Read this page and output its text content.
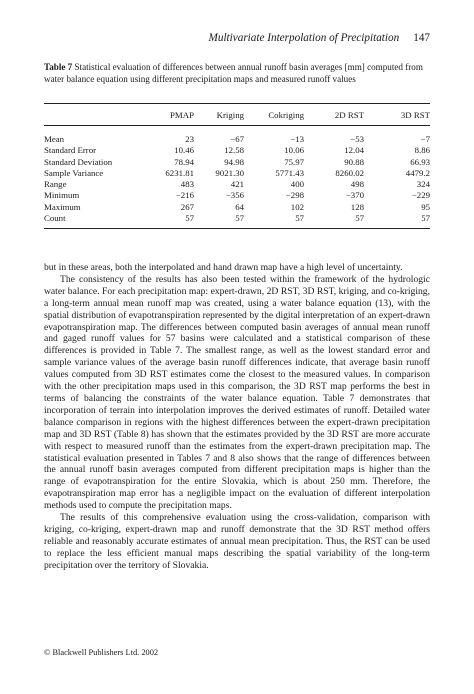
Multivariate Interpolation of Precipitation 147
Table 7 Statistical evaluation of differences between annual runoff basin averages [mm] computed from water balance equation using different precipitation maps and measured runoff values
	PMAP	Kriging	Cokriging	2D RST	3D RST
Mean	23	−67	−13	−53	−7
Standard Error	10.46	12.58	10.06	12.04	8.86
Standard Deviation	78.94	94.98	75.97	90.88	66.93
Sample Variance	6231.81	9021.30	5771.43	8260.02	4479.2
Range	483	421	400	498	324
Minimum	−216	−356	−298	−370	−229
Maximum	267	64	102	128	95
Count	57	57	57	57	57

but in these areas, both the interpolated and hand drawn map have a high level of uncertainty.

The consistency of the results has also been tested within the framework of the hydrologic water balance. For each precipitation map: expert-drawn, 2D RST, 3D RST, kriging, and co-kriging, a long-term annual mean runoff map was created, using a water balance equation (13), with the spatial distribution of evapotranspiration represented by the digital interpretation of an expert-drawn evapotranspiration map. The differences between computed basin averages of annual mean runoff and gaged runoff values for 57 basins were calculated and a statistical comparison of these differences is provided in Table 7. The smallest range, as well as the lowest standard error and sample variance values of the average basin runoff differences indicate, that average basin runoff values computed from 3D RST estimates come the closest to the measured values. In comparison with the other precipitation maps used in this comparison, the 3D RST map performs the best in terms of balancing the constraints of the water balance equation. Table 7 demonstrates that incorporation of terrain into interpolation improves the derived estimates of runoff. Detailed water balance comparison in regions with the highest differences between the expert-drawn precipitation map and 3D RST (Table 8) has shown that the estimates provided by the 3D RST are more accurate with respect to measured runoff than the estimates from the expert-drawn precipitation map. The statistical evaluation presented in Tables 7 and 8 also shows that the range of differences between the annual runoff basin averages computed from different precipitation maps is higher than the range of evapotranspiration for the entire Slovakia, which is about 250 mm. Therefore, the evapotranspiration map error has a negligible impact on the evaluation of different interpolation methods used to compute the precipitation maps.

The results of this comprehensive evaluation using the cross-validation, comparison with kriging, co-kriging, expert-drawn map and runoff demonstrate that the 3D RST method offers reliable and reasonably accurate estimates of annual mean precipitation. Thus, the RST can be used to replace the less efficient manual maps describing the spatial variability of the long-term precipitation over the territory of Slovakia.

© Blackwell Publishers Ltd. 2002
